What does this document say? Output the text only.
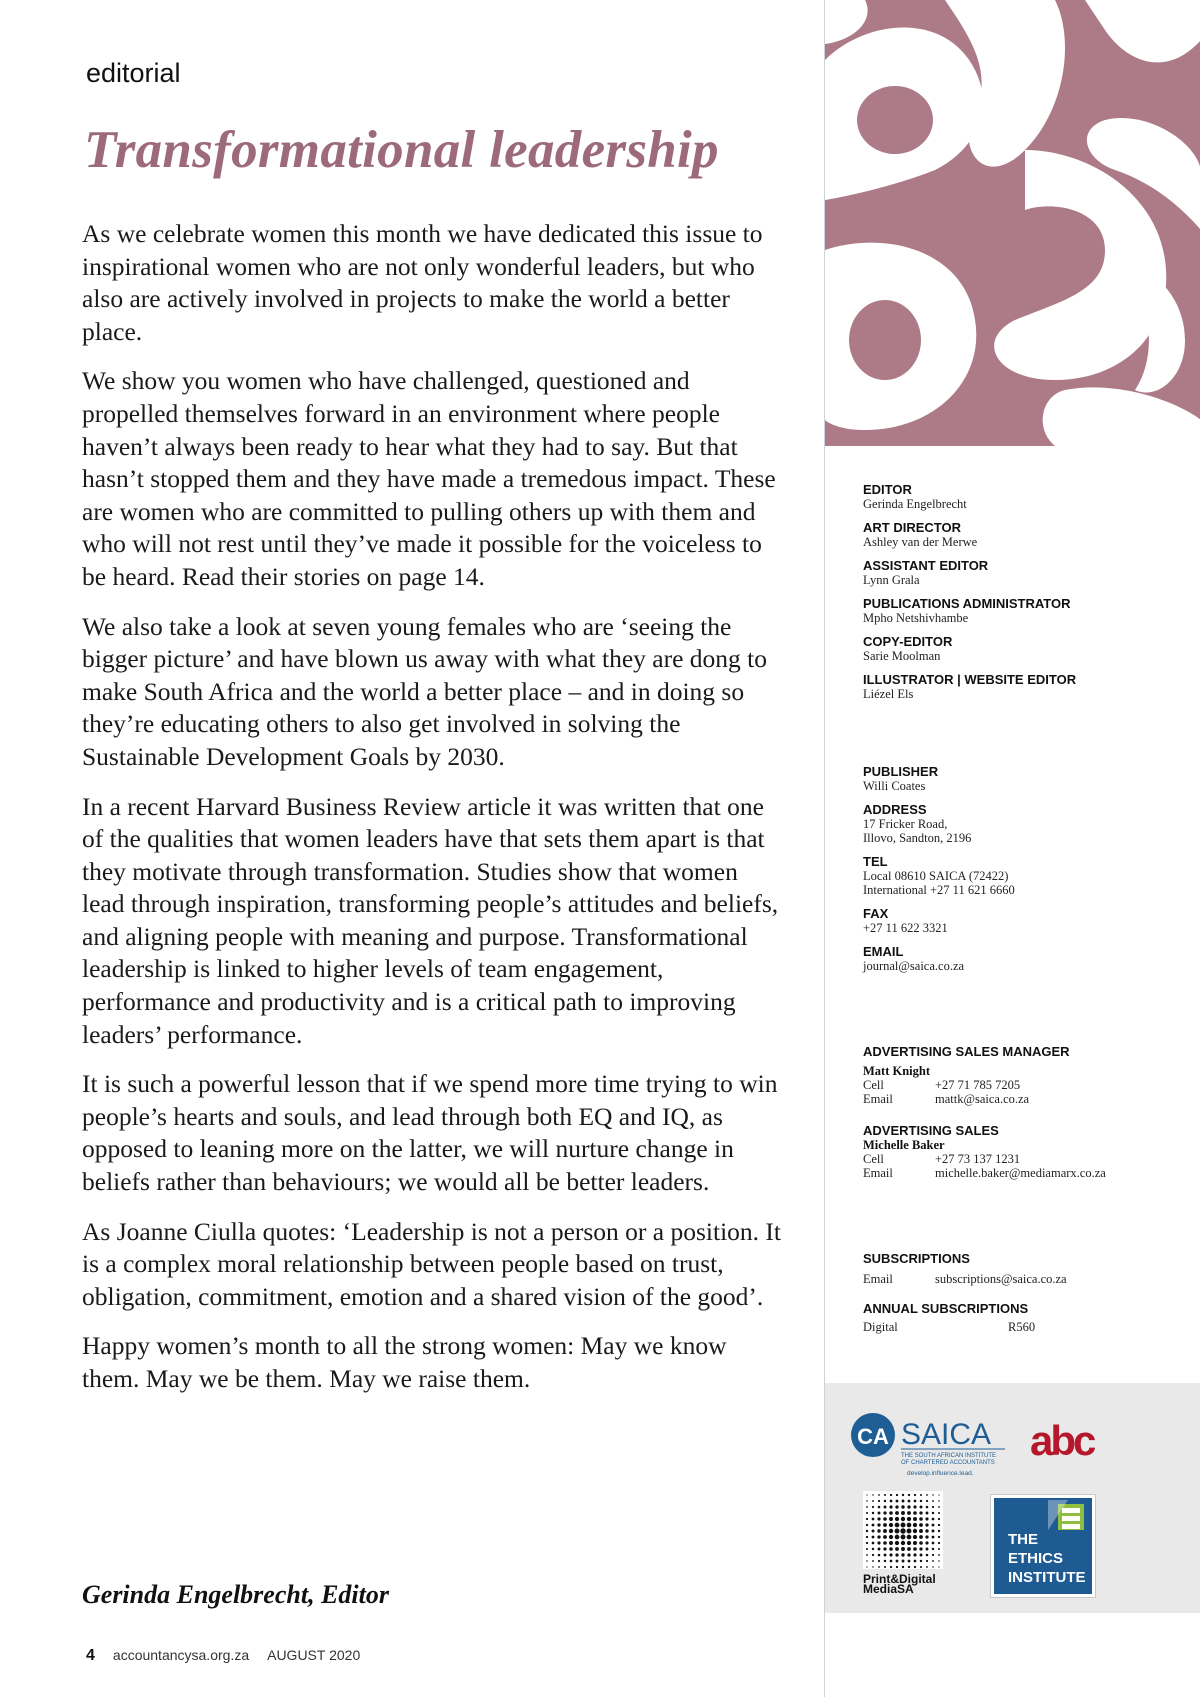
editorial
Transformational leadership

As we celebrate women this month we have dedicated this issue to inspirational women who are not only wonderful leaders, but who also are actively involved in projects to make the world a better place.

We show you women who have challenged, questioned and propelled themselves forward in an environment where people haven’t always been ready to hear what they had to say. But that hasn’t stopped them and they have made a tremedous impact. These are women who are committed to pulling others up with them and who will not rest until they’ve made it possible for the voiceless to be heard. Read their stories on page 14.

We also take a look at seven young females who are ‘seeing the bigger picture’ and have blown us away with what they are dong to make South Africa and the world a better place – and in doing so they’re educating others to also get involved in solving the Sustainable Development Goals by 2030.

In a recent Harvard Business Review article it was written that one of the qualities that women leaders have that sets them apart is that they motivate through transformation. Studies show that women lead through inspiration, transforming people’s attitudes and beliefs, and aligning people with meaning and purpose. Transformational leadership is linked to higher levels of team engagement, performance and productivity and is a critical path to improving leaders’ performance.

It is such a powerful lesson that if we spend more time trying to win people’s hearts and souls, and lead through both EQ and IQ, as opposed to leaning more on the latter, we will nurture change in beliefs rather than behaviours; we would all be better leaders.

As Joanne Ciulla quotes: ‘Leadership is not a person or a position. It is a complex moral relationship between people based on trust, obligation, commitment, emotion and a shared vision of the good’.

Happy women’s month to all the strong women: May we know them. May we be them. May we raise them.

Gerinda Engelbrecht, Editor
4 accountancysa.org.za AUGUST 2020
EDITOR
Gerinda Engelbrecht
ART DIRECTOR
Ashley van der Merwe
ASSISTANT EDITOR
Lynn Grala
PUBLICATIONS ADMINISTRATOR
Mpho Netshivhambe
COPY-EDITOR
Sarie Moolman
ILLUSTRATOR | WEBSITE EDITOR
Liézel Els
PUBLISHER
Willi Coates
ADDRESS
17 Fricker Road,
Illovo, Sandton, 2196
TEL
Local 08610 SAICA (72422)
International +27 11 621 6660
FAX
+27 11 622 3321
EMAIL
journal@saica.co.za
ADVERTISING SALES MANAGER
Matt Knight
Cell	+27 71 785 7205
Email	mattk@saica.co.za
ADVERTISING SALES
Michelle Baker
Cell	+27 73 137 1231
Email	michelle.baker@mediamarx.co.za
SUBSCRIPTIONS
Email	subscriptions@saica.co.za
ANNUAL SUBSCRIPTIONS
Digital	R560
CA SAICA
THE SOUTH AFRICAN INSTITUTE
OF CHARTERED ACCOUNTANTS
develop.influence.lead.
abc
Print&Digital
MediaSA
THE
ETHICS
INSTITUTE
